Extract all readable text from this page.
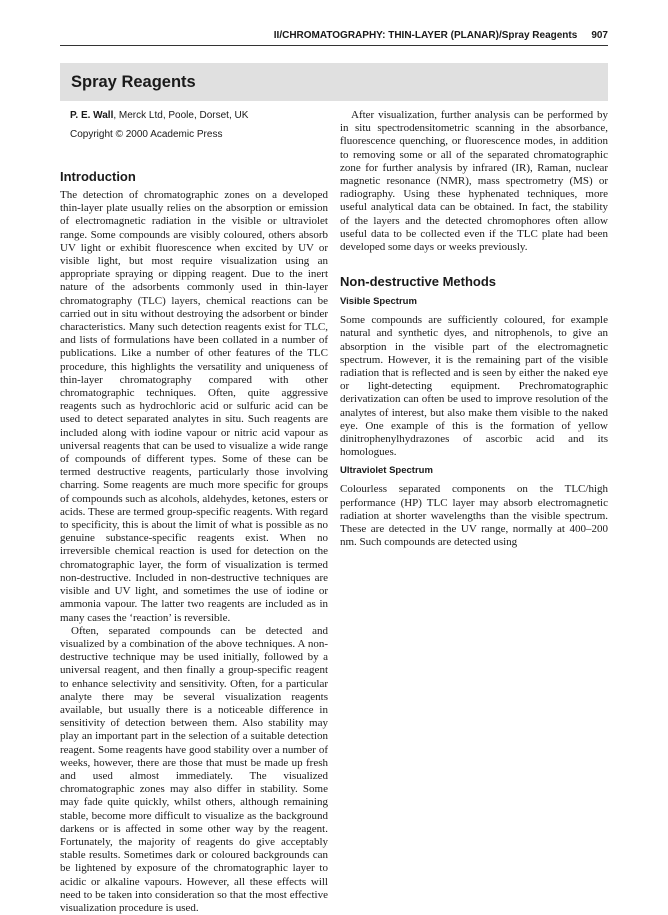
II/CHROMATOGRAPHY: THIN-LAYER (PLANAR)/Spray Reagents 907
Spray Reagents
P. E. Wall, Merck Ltd, Poole, Dorset, UK
Copyright © 2000 Academic Press
Introduction

The detection of chromatographic zones on a developed thin-layer plate usually relies on the absorption or emission of electromagnetic radiation in the visible or ultraviolet range. Some compounds are visibly coloured, others absorb UV light or exhibit fluorescence when excited by UV or visible light, but most require visualization using an appropriate spraying or dipping reagent. Due to the inert nature of the adsorbents commonly used in thin-layer chromatography (TLC) layers, chemical reactions can be carried out in situ without destroying the adsorbent or binder characteristics. Many such detection reagents exist for TLC, and lists of formulations have been collated in a number of publications. Like a number of other features of the TLC procedure, this highlights the versatility and uniqueness of thin-layer chromatography compared with other chromatographic techniques. Often, quite aggressive reagents such as hydrochloric acid or sulfuric acid can be used to detect separated analytes in situ. Such reagents are included along with iodine vapour or nitric acid vapour as universal reagents that can be used to visualize a wide range of compounds of different types. Some of these can be termed destructive reagents, particularly those involving charring. Some reagents are much more specific for groups of compounds such as alcohols, aldehydes, ketones, esters or acids. These are termed group-specific reagents. With regard to specificity, this is about the limit of what is possible as no genuine substance-specific reagents exist. When no irreversible chemical reaction is used for detection on the chromatographic layer, the form of visualization is termed non-destructive. Included in non-destructive techniques are visible and UV light, and sometimes the use of iodine or ammonia vapour. The latter two reagents are included as in many cases the ‘reaction’ is reversible.

Often, separated compounds can be detected and visualized by a combination of the above techniques. A non-destructive technique may be used initially, followed by a universal reagent, and then finally a group-specific reagent to enhance selectivity and sensitivity. Often, for a particular analyte there may be several visualization reagents available, but usually there is a noticeable difference in sensitivity of detection between them. Also stability may play an important part in the selection of a suitable detection reagent. Some reagents have good stability over a number of weeks, however, there are those that must be made up fresh and used almost immediately. The visualized chromatographic zones may also differ in stability. Some may fade quite quickly, whilst others, although remaining stable, become more difficult to visualize as the background darkens or is affected in some other way by the reagent. Fortunately, the majority of reagents do give acceptably stable results. Sometimes dark or coloured backgrounds can be lightened by exposure of the chromatographic layer to acidic or alkaline vapours. However, all these effects will need to be taken into consideration so that the most effective visualization procedure is used.

After visualization, further analysis can be performed by in situ spectrodensitometric scanning in the absorbance, fluorescence quenching, or fluorescence modes, in addition to removing some or all of the separated chromatographic zone for further analysis by infrared (IR), Raman, nuclear magnetic resonance (NMR), mass spectrometry (MS) or radiography. Using these hyphenated techniques, more useful analytical data can be obtained. In fact, the stability of the layers and the detected chromophores often allow useful data to be collected even if the TLC plate had been developed some days or weeks previously.

Non-destructive Methods
Visible Spectrum

Some compounds are sufficiently coloured, for example natural and synthetic dyes, and nitrophenols, to give an absorption in the visible part of the electromagnetic spectrum. However, it is the remaining part of the visible radiation that is reflected and is seen by either the naked eye or light-detecting equipment. Prechromatographic derivatization can often be used to improve resolution of the analytes of interest, but also make them visible to the naked eye. One example of this is the formation of yellow dinitrophenylhydrazones of ascorbic acid and its homologues.

Ultraviolet Spectrum

Colourless separated components on the TLC/high performance (HP) TLC layer may absorb electromagnetic radiation at shorter wavelengths than the visible spectrum. These are detected in the UV range, normally at 400–200 nm. Such compounds are detected using
